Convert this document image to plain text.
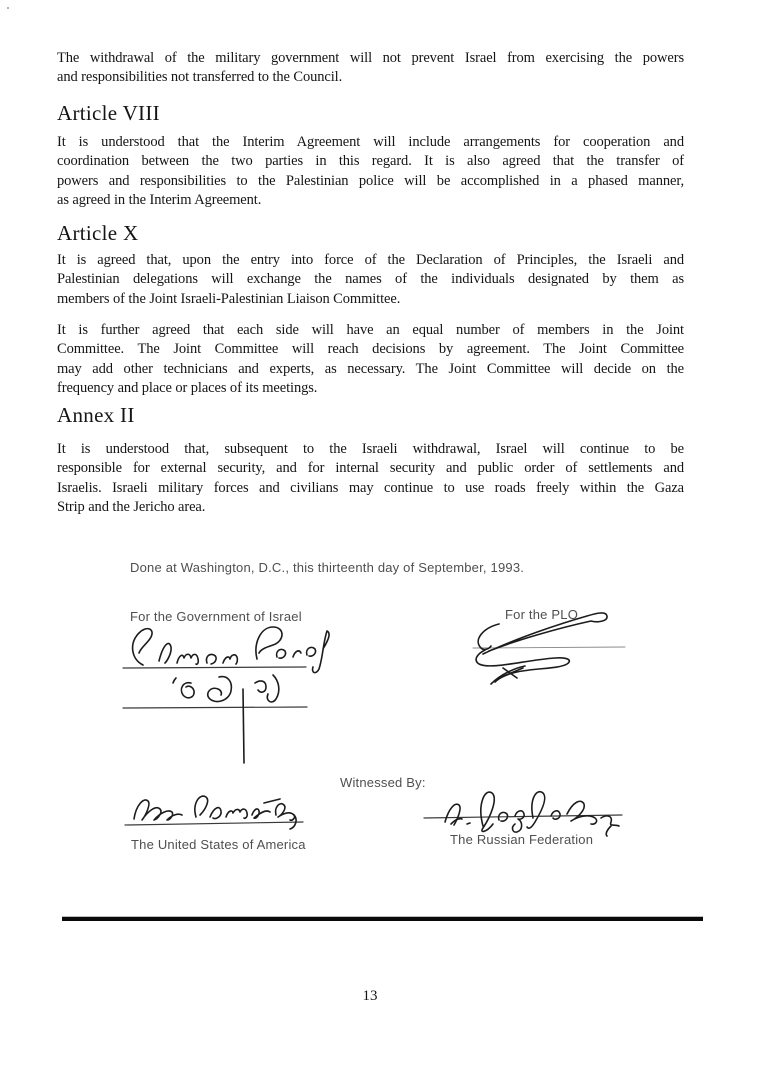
The withdrawal of the military government will not prevent Israel from exercising the powers
and responsibilities not transferred to the Council.
Article VIII
It is understood that the Interim Agreement will include arrangements for cooperation and
coordination between the two parties in this regard. It is also agreed that the transfer of
powers and responsibilities to the Palestinian police will be accomplished in a phased manner,
as agreed in the Interim Agreement.
Article X
It is agreed that, upon the entry into force of the Declaration of Principles, the Israeli and
Palestinian delegations will exchange the names of the individuals designated by them as
members of the Joint Israeli-Palestinian Liaison Committee.
It is further agreed that each side will have an equal number of members in the Joint
Committee. The Joint Committee will reach decisions by agreement. The Joint Committee
may add other technicians and experts, as necessary. The Joint Committee will decide on the
frequency and place or places of its meetings.
Annex II
It is understood that, subsequent to the Israeli withdrawal, Israel will continue to be
responsible for external security, and for internal security and public order of settlements and
Israelis. Israeli military forces and civilians may continue to use roads freely within the Gaza
Strip and the Jericho area.
Done at Washington, D.C., this thirteenth day of September, 1993.
For the Government of Israel	For the PLO
Witnessed By:
The United States of America	The Russian Federation
13
